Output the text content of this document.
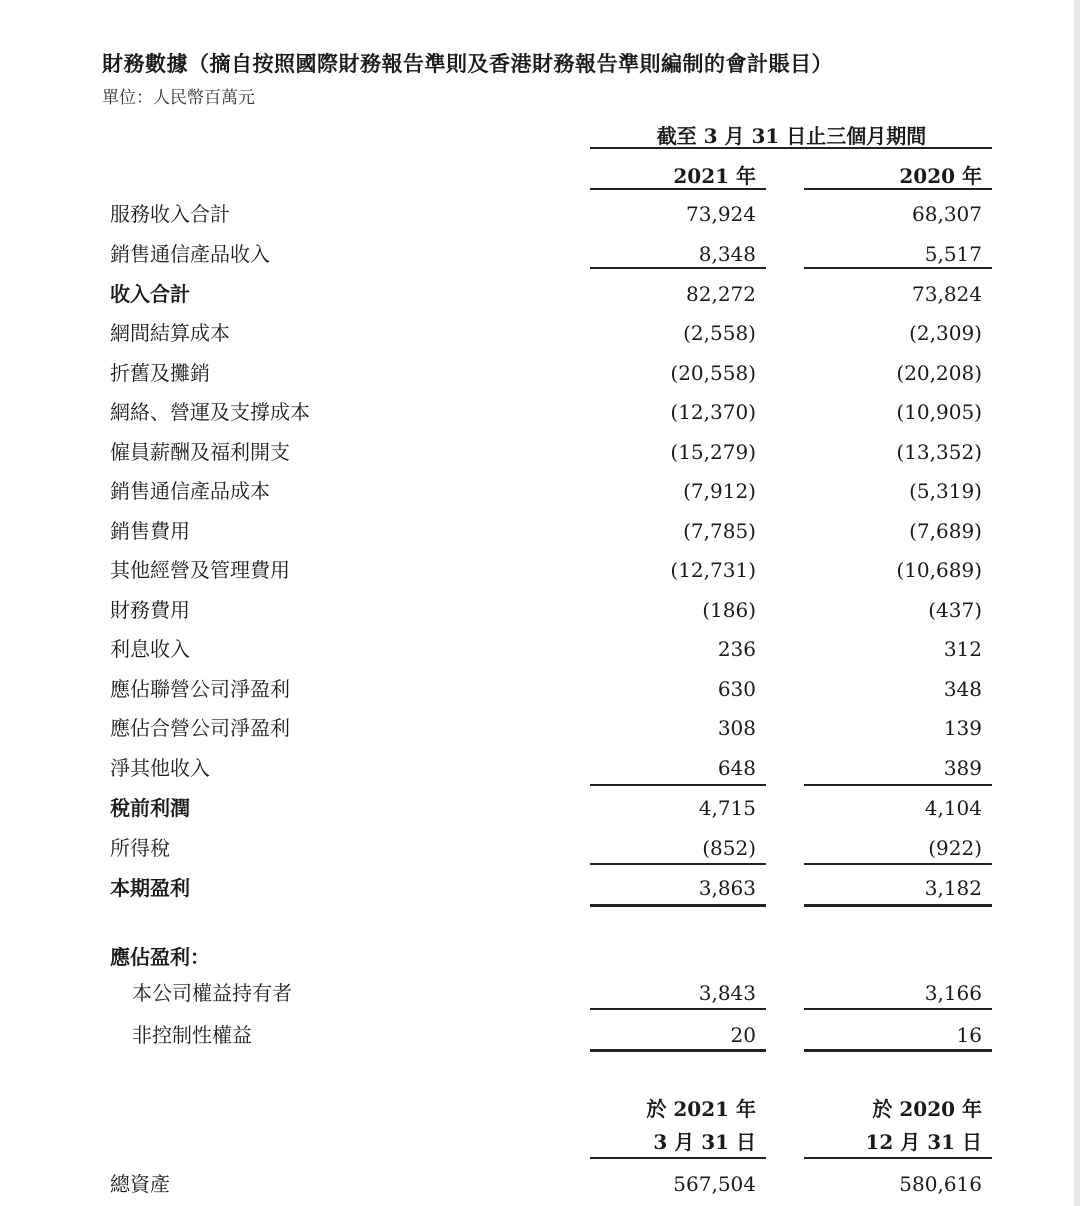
財務數據（摘自按照國際財務報告準則及香港財務報告準則編制的會計賬目）
單位：人民幣百萬元
截至 3 月 31 日止三個月期間
2021 年	2020 年
服務收入合計	73,924	68,307
銷售通信產品收入	8,348	5,517
收入合計	82,272	73,824
網間結算成本	(2,558)	(2,309)
折舊及攤銷	(20,558)	(20,208)
網絡、營運及支撐成本	(12,370)	(10,905)
僱員薪酬及福利開支	(15,279)	(13,352)
銷售通信產品成本	(7,912)	(5,319)
銷售費用	(7,785)	(7,689)
其他經營及管理費用	(12,731)	(10,689)
財務費用	(186)	(437)
利息收入	236	312
應佔聯營公司淨盈利	630	348
應佔合營公司淨盈利	308	139
淨其他收入	648	389
稅前利潤	4,715	4,104
所得稅	(852)	(922)
本期盈利	3,863	3,182
應佔盈利：
本公司權益持有者	3,843	3,166
非控制性權益	20	16
於 2021 年
3 月 31 日
於 2020 年
12 月 31 日
總資產	567,504	580,616
